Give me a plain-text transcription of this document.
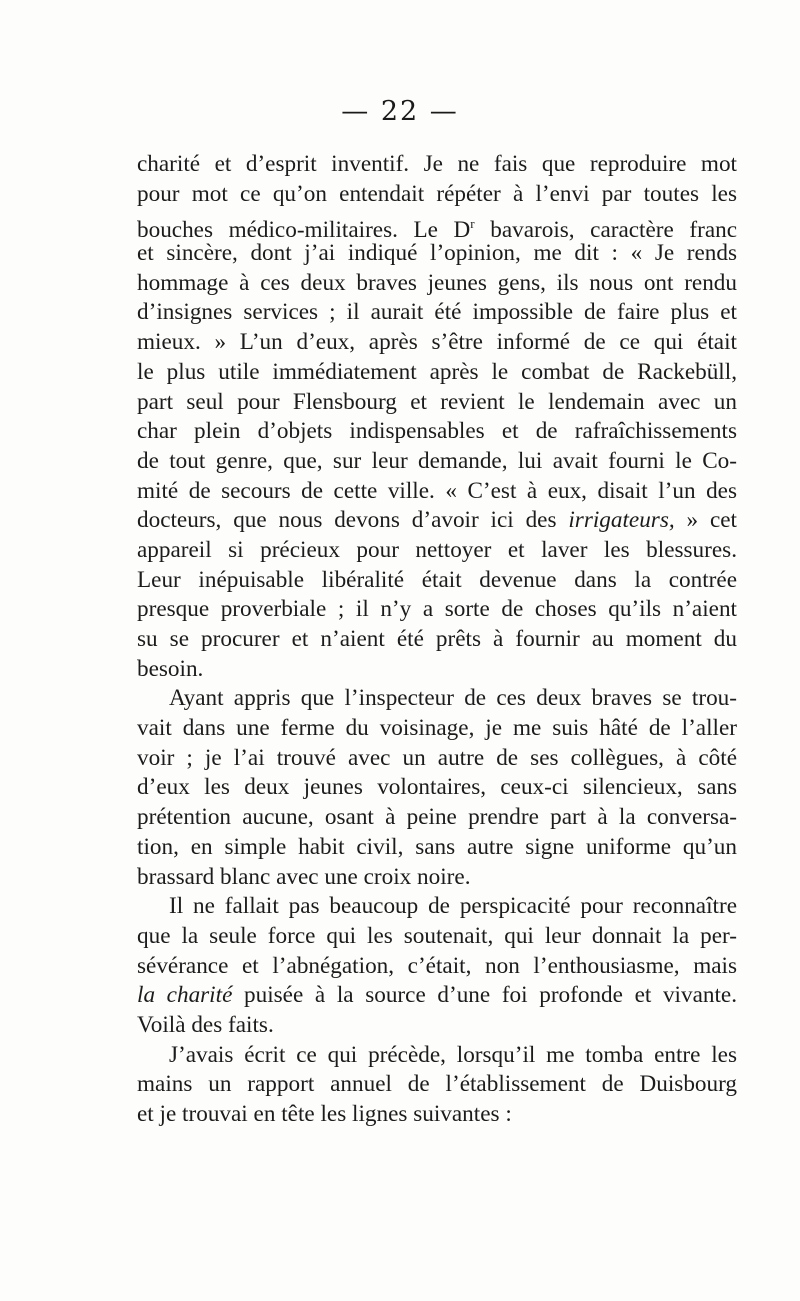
— 22 —
charité et d’esprit inventif. Je ne fais que reproduire mot
pour mot ce qu’on entendait répéter à l’envi par toutes les
bouches médico-militaires. Le $D^r$ bavarois, caractère franc
et sincère, dont j’ai indiqué l’opinion, me dit : « Je rends
hommage à ces deux braves jeunes gens, ils nous ont rendu
d’insignes services ; il aurait été impossible de faire plus et
mieux. » L’un d’eux, après s’être informé de ce qui était
le plus utile immédiatement après le combat de Rackebüll,
part seul pour Flensbourg et revient le lendemain avec un
char plein d’objets indispensables et de rafraîchissements
de tout genre, que, sur leur demande, lui avait fourni le Co-
mité de secours de cette ville. « C’est à eux, disait l’un des
docteurs, que nous devons d’avoir ici des irrigateurs, » cet
appareil si précieux pour nettoyer et laver les blessures.
Leur inépuisable libéralité était devenue dans la contrée
presque proverbiale ; il n’y a sorte de choses qu’ils n’aient
su se procurer et n’aient été prêts à fournir au moment du
besoin.
Ayant appris que l’inspecteur de ces deux braves se trou-
vait dans une ferme du voisinage, je me suis hâté de l’aller
voir ; je l’ai trouvé avec un autre de ses collègues, à côté
d’eux les deux jeunes volontaires, ceux-ci silencieux, sans
prétention aucune, osant à peine prendre part à la conversa-
tion, en simple habit civil, sans autre signe uniforme qu’un
brassard blanc avec une croix noire.
Il ne fallait pas beaucoup de perspicacité pour reconnaître
que la seule force qui les soutenait, qui leur donnait la per-
sévérance et l’abnégation, c’était, non l’enthousiasme, mais
la charité puisée à la source d’une foi profonde et vivante.
Voilà des faits.
J’avais écrit ce qui précède, lorsqu’il me tomba entre les
mains un rapport annuel de l’établissement de Duisbourg
et je trouvai en tête les lignes suivantes :
